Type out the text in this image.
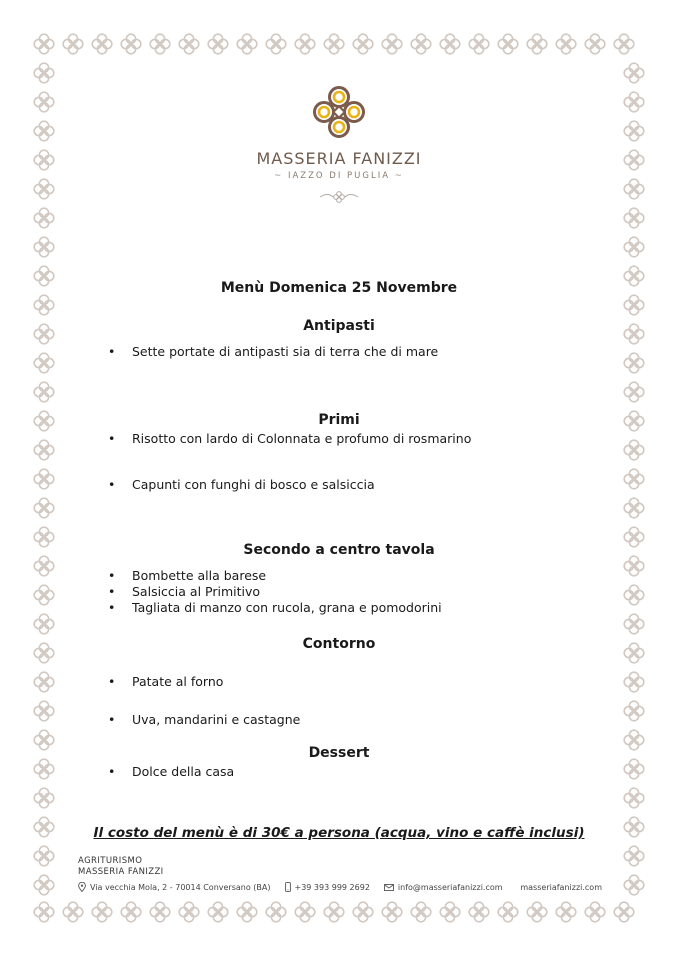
MASSERIA FANIZZI
~ IAZZO DI PUGLIA ~
Menù Domenica 25 Novembre
Antipasti
• Sette portate di antipasti sia di terra che di mare
Primi
• Risotto con lardo di Colonnata e profumo di rosmarino
• Capunti con funghi di bosco e salsiccia
Secondo a centro tavola
• Bombette alla barese
• Salsiccia al Primitivo
• Tagliata di manzo con rucola, grana e pomodorini
Contorno
• Patate al forno
• Uva, mandarini e castagne
Dessert
• Dolce della casa
Il costo del menù è di 30€ a persona (acqua, vino e caffè inclusi)
AGRITURISMO
MASSERIA FANIZZI
Via vecchia Mola, 2 - 70014 Conversano (BA)	+39 393 999 2692	info@masseriafanizzi.com masseriafanizzi.com
